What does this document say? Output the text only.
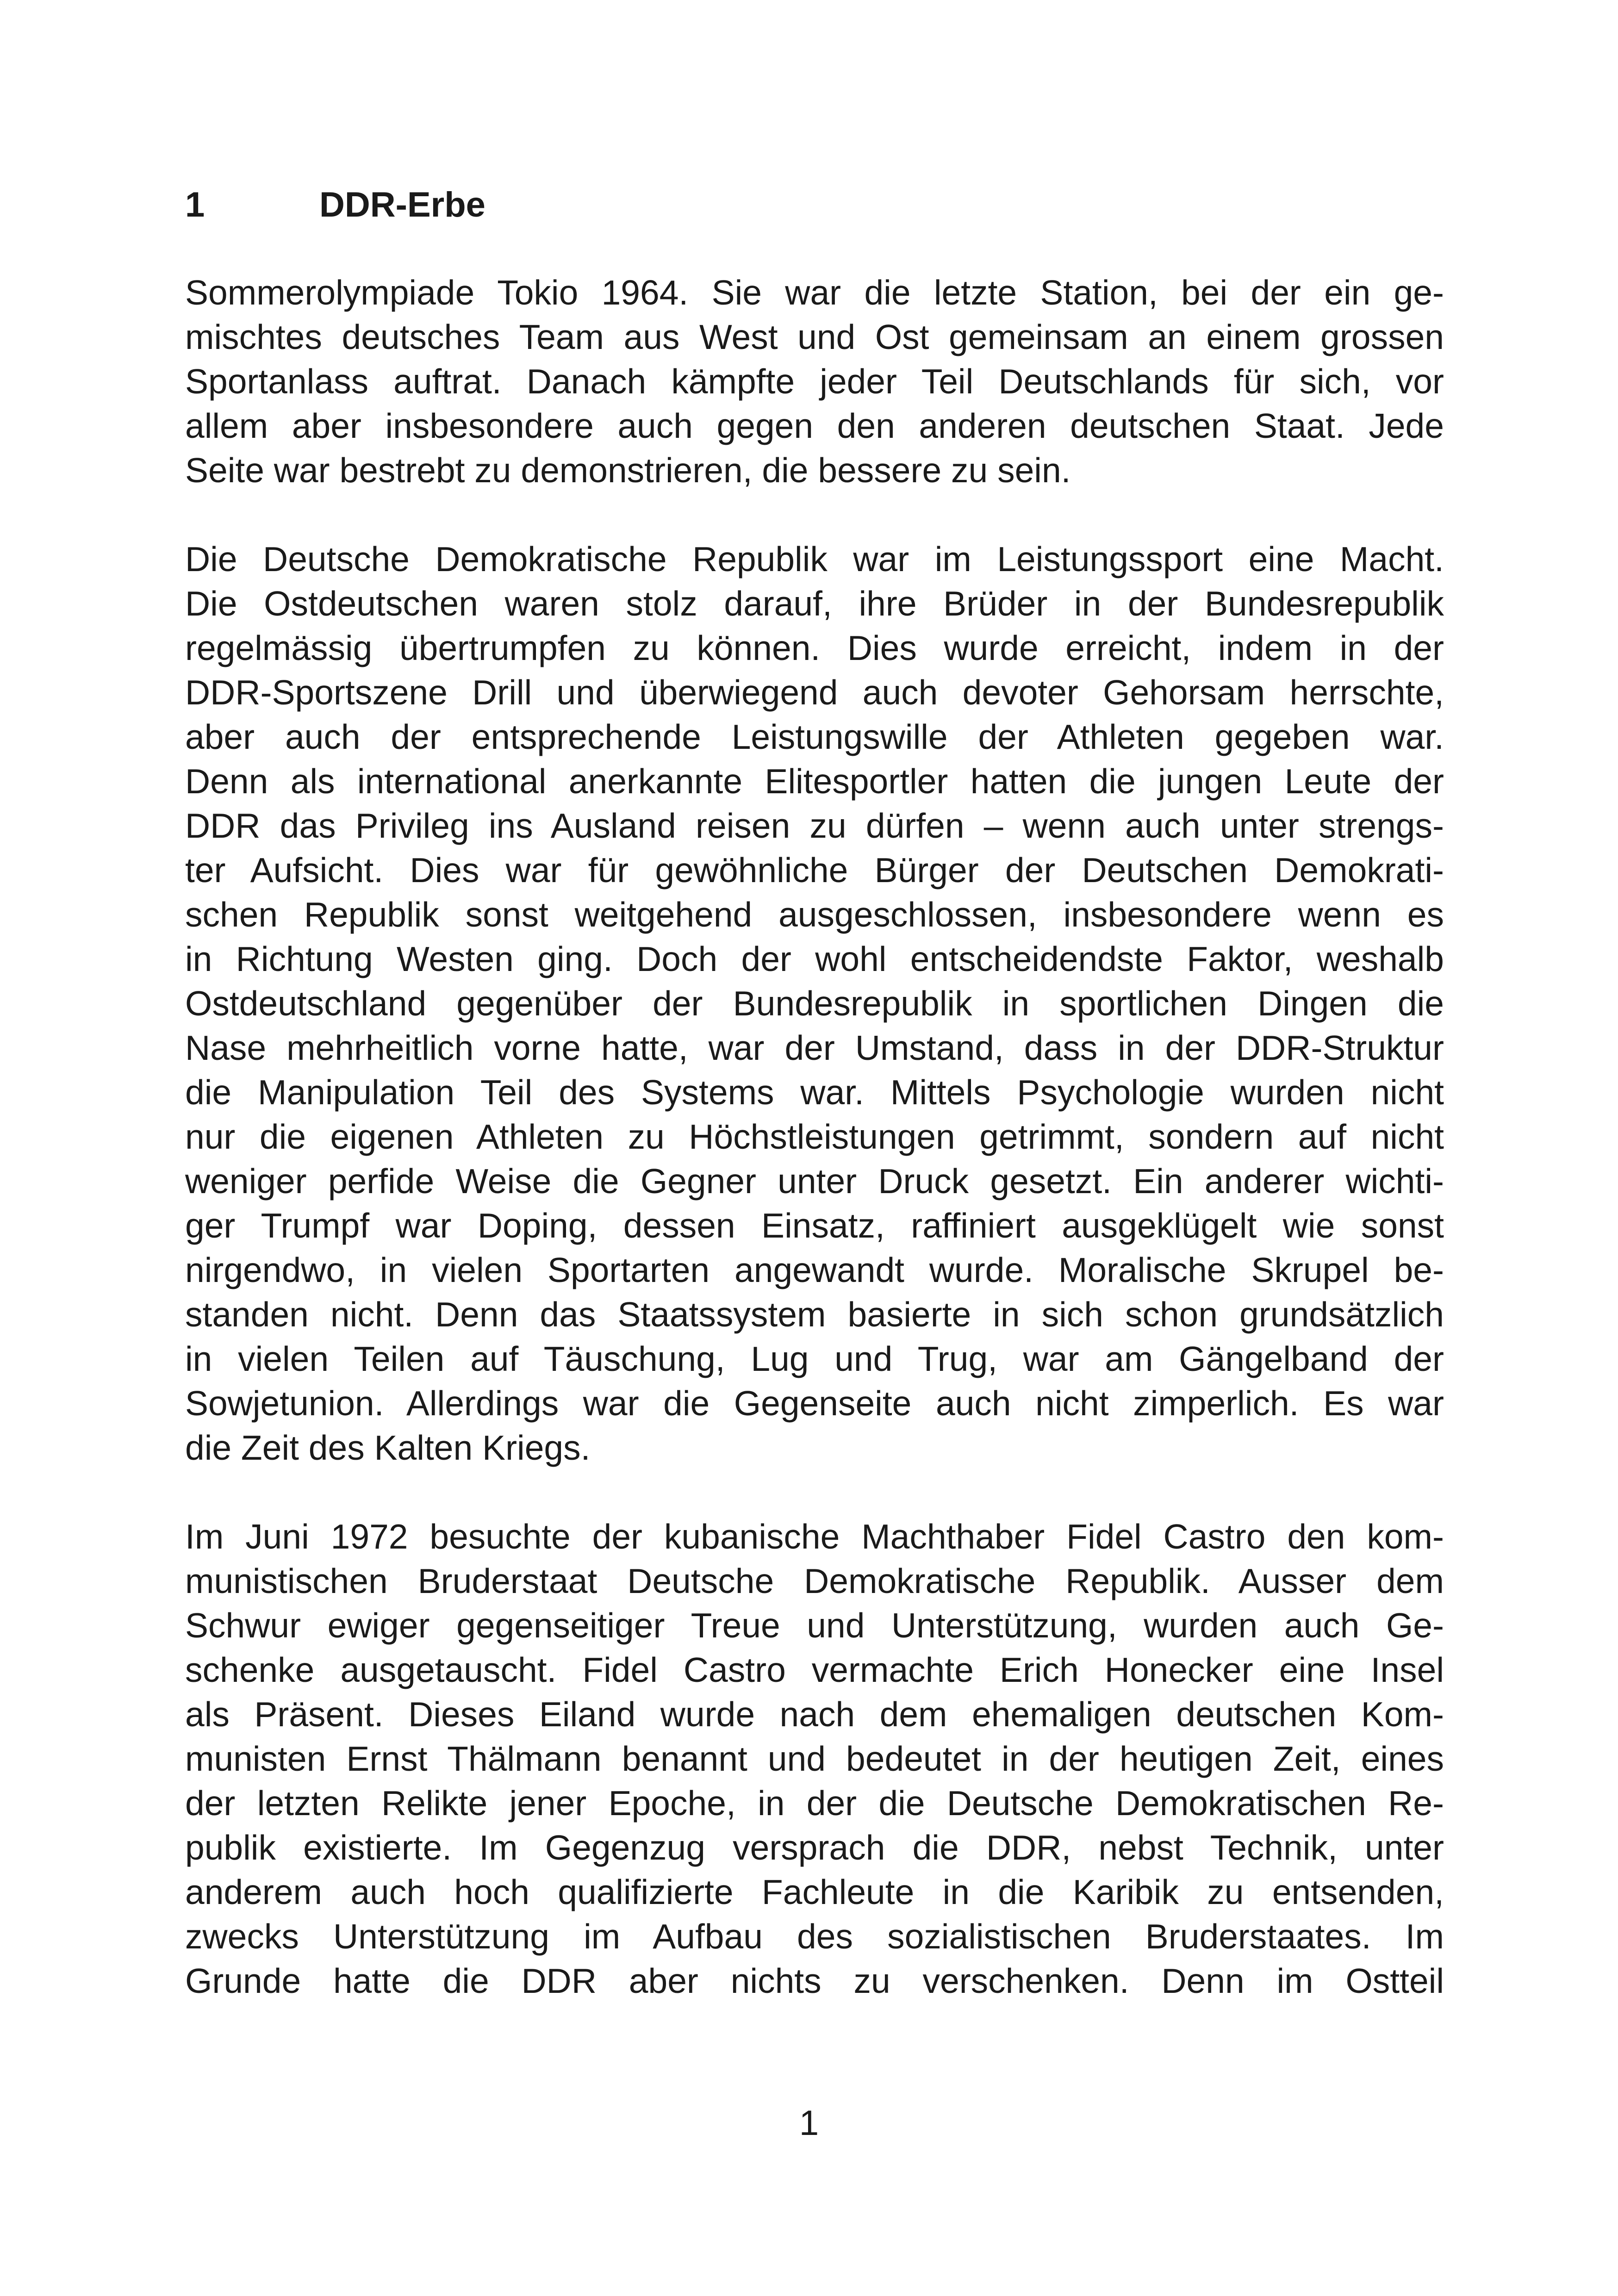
1	DDR-Erbe
Sommerolympiade Tokio 1964. Sie war die letzte Station, bei der ein ge-
mischtes deutsches Team aus West und Ost gemeinsam an einem grossen
Sportanlass auftrat. Danach kämpfte jeder Teil Deutschlands für sich, vor
allem aber insbesondere auch gegen den anderen deutschen Staat. Jede
Seite war bestrebt zu demonstrieren, die bessere zu sein.
Die Deutsche Demokratische Republik war im Leistungssport eine Macht.
Die Ostdeutschen waren stolz darauf, ihre Brüder in der Bundesrepublik
regelmässig übertrumpfen zu können. Dies wurde erreicht, indem in der
DDR-Sportszene Drill und überwiegend auch devoter Gehorsam herrschte,
aber auch der entsprechende Leistungswille der Athleten gegeben war.
Denn als international anerkannte Elitesportler hatten die jungen Leute der
DDR das Privileg ins Ausland reisen zu dürfen – wenn auch unter strengs-
ter Aufsicht. Dies war für gewöhnliche Bürger der Deutschen Demokrati-
schen Republik sonst weitgehend ausgeschlossen, insbesondere wenn es
in Richtung Westen ging. Doch der wohl entscheidendste Faktor, weshalb
Ostdeutschland gegenüber der Bundesrepublik in sportlichen Dingen die
Nase mehrheitlich vorne hatte, war der Umstand, dass in der DDR-Struktur
die Manipulation Teil des Systems war. Mittels Psychologie wurden nicht
nur die eigenen Athleten zu Höchstleistungen getrimmt, sondern auf nicht
weniger perfide Weise die Gegner unter Druck gesetzt. Ein anderer wichti-
ger Trumpf war Doping, dessen Einsatz, raffiniert ausgeklügelt wie sonst
nirgendwo, in vielen Sportarten angewandt wurde. Moralische Skrupel be-
standen nicht. Denn das Staatssystem basierte in sich schon grundsätzlich
in vielen Teilen auf Täuschung, Lug und Trug, war am Gängelband der
Sowjetunion. Allerdings war die Gegenseite auch nicht zimperlich. Es war
die Zeit des Kalten Kriegs.
Im Juni 1972 besuchte der kubanische Machthaber Fidel Castro den kom-
munistischen Bruderstaat Deutsche Demokratische Republik. Ausser dem
Schwur ewiger gegenseitiger Treue und Unterstützung, wurden auch Ge-
schenke ausgetauscht. Fidel Castro vermachte Erich Honecker eine Insel
als Präsent. Dieses Eiland wurde nach dem ehemaligen deutschen Kom-
munisten Ernst Thälmann benannt und bedeutet in der heutigen Zeit, eines
der letzten Relikte jener Epoche, in der die Deutsche Demokratischen Re-
publik existierte. Im Gegenzug versprach die DDR, nebst Technik, unter
anderem auch hoch qualifizierte Fachleute in die Karibik zu entsenden,
zwecks Unterstützung im Aufbau des sozialistischen Bruderstaates. Im
Grunde hatte die DDR aber nichts zu verschenken. Denn im Ostteil
1
